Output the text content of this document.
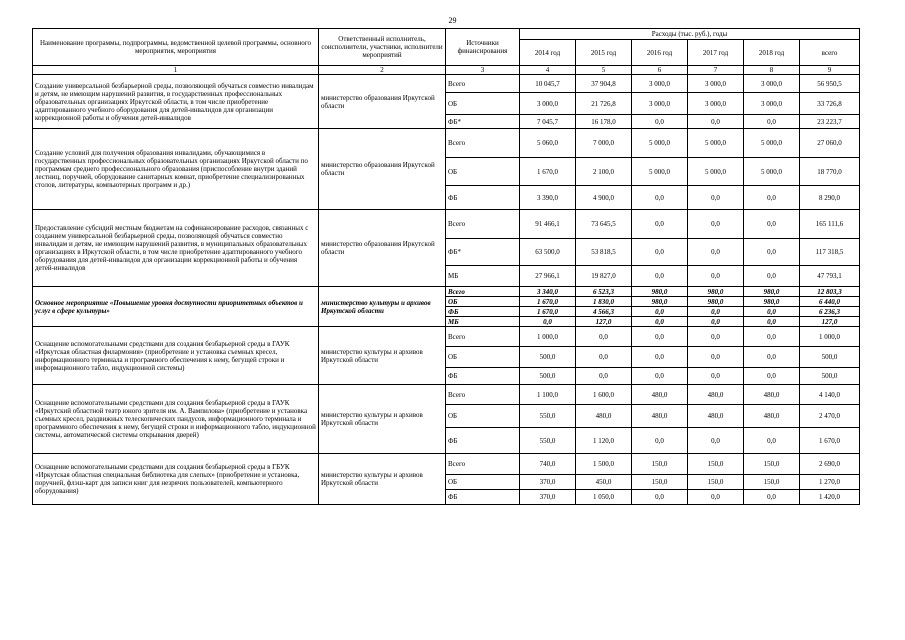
29
Наименование программы, подпрограммы, ведомственной целевой программы, основного мероприятия, мероприятия	Ответственный исполнитель, соисполнители, участники, исполнители мероприятий	Источники финансирования	Расходы (тыс. руб.), годы					
			2014 год	2015 год	2016 год	2017 год	2018 год	всего
1	2	3	4	5	6	7	8	9
Создание универсальной безбарьерной среды, позволяющей обучаться совместно инвалидам и детям, не имеющим нарушений развития, в государственных профессиональных образовательных организациях Иркутской области, в том числе приобретение адаптированного учебного оборудования для детей-инвалидов для организации коррекционной работы и обучения детей-инвалидов	министерство образования Иркутской области	Всего	10 045,7	37 904,8	3 000,0	3 000,0	3 000,0	56 950,5
		ОБ	3 000,0	21 726,8	3 000,0	3 000,0	3 000,0	33 726,8
		ФБ*	7 045,7	16 178,0	0,0	0,0	0,0	23 223,7
Создание условий для получения образования инвалидами, обучающимися в государственных профессиональных образовательных организациях Иркутской области по программам среднего профессионального образования (приспособление внутри зданий лестниц, поручней, оборудование санитарных комнат, приобретение специализированных столов, литературы, компьютерных программ и др.)	министерство образования Иркутской области	Всего	5 060,0	7 000,0	5 000,0	5 000,0	5 000,0	27 060,0
		ОБ	1 670,0	2 100,0	5 000,0	5 000,0	5 000,0	18 770,0
		ФБ	3 390,0	4 900,0	0,0	0,0	0,0	8 290,0
Предоставление субсидий местным бюджетам на софинансирование расходов, связанных с созданием универсальной безбарьерной среды, позволяющей обучаться совместно инвалидам и детям, не имеющим нарушений развития, в муниципальных образовательных организациях в Иркутской области, в том числе приобретение адаптированного учебного оборудования для детей-инвалидов для организации коррекционной работы и обучения детей-инвалидов	министерство образования Иркутской области	Всего	91 466,1	73 645,5	0,0	0,0	0,0	165 111,6
		ФБ*	63 500,0	53 818,5	0,0	0,0	0,0	117 318,5
		МБ	27 966,1	19 827,0	0,0	0,0	0,0	47 793,1
Основное мероприятие «Повышение уровня доступности приоритетных объектов и услуг в сфере культуры»	министерство культуры и архивов Иркутской области	Всего	3 340,0	6 523,3	980,0	980,0	980,0	12 803,3
		ОБ	1 670,0	1 830,0	980,0	980,0	980,0	6 440,0
		ФБ	1 670,0	4 566,3	0,0	0,0	0,0	6 236,3
		МБ	0,0	127,0	0,0	0,0	0,0	127,0
Оснащение вспомогательными средствами для создания безбарьерной среды в ГАУК «Иркутская областная филармония» (приобретение и установка съемных кресел, информационного терминала и програмного обеспечения к нему, бегущей строки и информационного табло, индукционной системы)	министерство культуры и архивов Иркутской области	Всего	1 000,0	0,0	0,0	0,0	0,0	1 000,0
		ОБ	500,0	0,0	0,0	0,0	0,0	500,0
		ФБ	500,0	0,0	0,0	0,0	0,0	500,0
Оснащение вспомогательными средствами для создания безбарьерной среды в ГАУК «Иркутский областной театр юного зрителя им. А. Вампилова» (приобретение и установка съемных кресел, раздвижных телескопических пандусов, информационного терминала и программного обеспечения к нему, бегущей строки и информационного табло, индукционной системы, автоматической системы открывания дверей)	министерство культуры и архивов Иркутской области	Всего	1 100,0	1 600,0	480,0	480,0	480,0	4 140,0
		ОБ	550,0	480,0	480,0	480,0	480,0	2 470,0
		ФБ	550,0	1 120,0	0,0	0,0	0,0	1 670,0
Оснащение вспомогательными средствами для создания безбарьерной среды в ГБУК «Иркутская областная специальная библиотека для слепых» (приобретение и установка, поручней, флэш-карт для записи книг для незрячих пользователей, компьютерного оборудования)	министерство культуры и архивов Иркутской области	Всего	740,0	1 500,0	150,0	150,0	150,0	2 690,0
		ОБ	370,0	450,0	150,0	150,0	150,0	1 270,0
		ФБ	370,0	1 050,0	0,0	0,0	0,0	1 420,0
